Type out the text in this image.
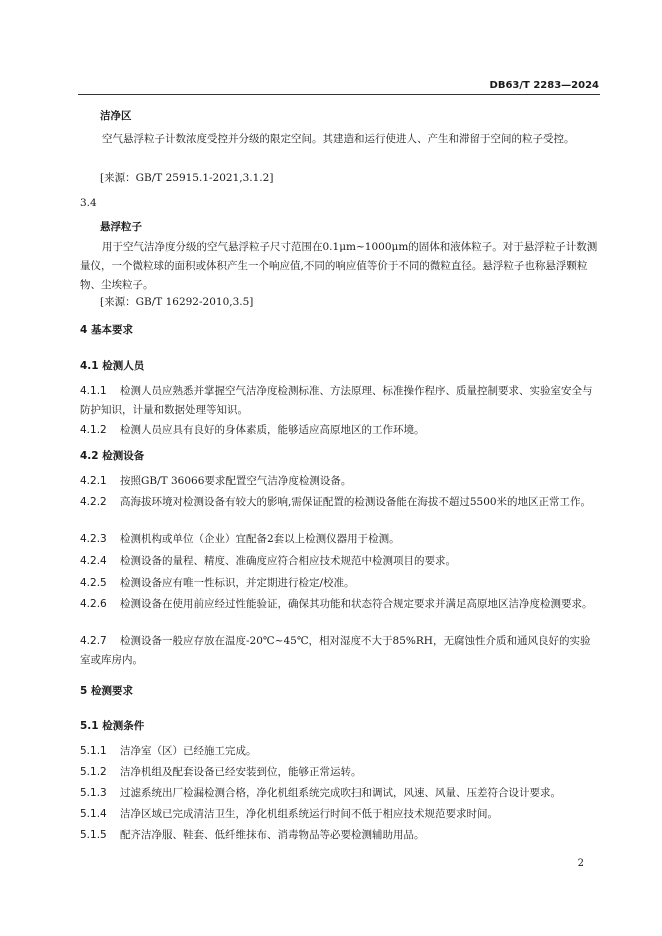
DB63/T 2283—2024
洁净区
空气悬浮粒子计数浓度受控并分级的限定空间。其建造和运行使进人、产生和滞留于空间的粒子受控。
[来源：GB/T 25915.1-2021,3.1.2]
3.4
悬浮粒子
用于空气洁净度分级的空气悬浮粒子尺寸范围在0.1μm~1000μm的固体和液体粒子。对于悬浮粒子计数测量仪，一个微粒球的面积或体积产生一个响应值,不同的响应值等价于不同的微粒直径。悬浮粒子也称悬浮颗粒物、尘埃粒子。
[来源：GB/T 16292-2010,3.5]
4 基本要求
4.1 检测人员
4.1.1 检测人员应熟悉并掌握空气洁净度检测标准、方法原理、标准操作程序、质量控制要求、实验室安全与防护知识，计量和数据处理等知识。
4.1.2 检测人员应具有良好的身体素质，能够适应高原地区的工作环境。
4.2 检测设备
4.2.1 按照GB/T 36066要求配置空气洁净度检测设备。
4.2.2 高海拔环境对检测设备有较大的影响,需保证配置的检测设备能在海拔不超过5500米的地区正常工作。
4.2.3 检测机构或单位（企业）宜配备2套以上检测仪器用于检测。
4.2.4 检测设备的量程、精度、准确度应符合相应技术规范中检测项目的要求。
4.2.5 检测设备应有唯一性标识，并定期进行检定/校准。
4.2.6 检测设备在使用前应经过性能验证，确保其功能和状态符合规定要求并满足高原地区洁净度检测要求。
4.2.7 检测设备一般应存放在温度-20℃~45℃，相对湿度不大于85%RH，无腐蚀性介质和通风良好的实验室或库房内。
5 检测要求
5.1 检测条件
5.1.1 洁净室（区）已经施工完成。
5.1.2 洁净机组及配套设备已经安装到位，能够正常运转。
5.1.3 过滤系统出厂检漏检测合格，净化机组系统完成吹扫和调试，风速、风量、压差符合设计要求。
5.1.4 洁净区域已完成清洁卫生，净化机组系统运行时间不低于相应技术规范要求时间。
5.1.5 配齐洁净服、鞋套、低纤维抹布、消毒物品等必要检测辅助用品。
2
